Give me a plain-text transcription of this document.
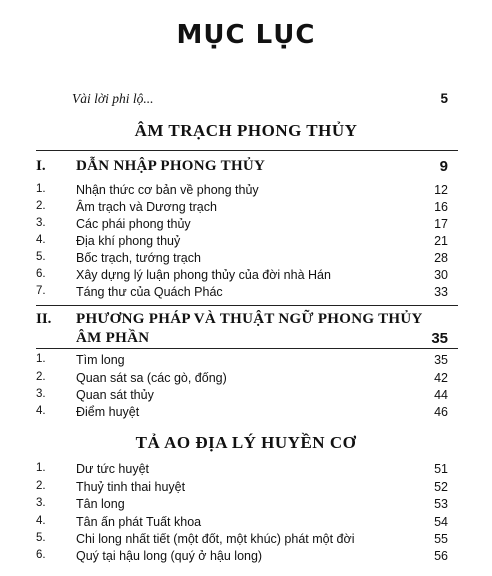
MỤC LỤC
Vài lời phi lộ...	5
ÂM TRẠCH PHONG THỦY
I. DẪN NHẬP PHONG THỦY	9
1. Nhận thức cơ bản về phong thủy	12
2. Âm trạch và Dương trạch	16
3. Các phái phong thủy	17
4. Địa khí phong thuỷ	21
5. Bốc trạch, tướng trạch	28
6. Xây dựng lý luận phong thủy của đời nhà Hán	30
7. Táng thư của Quách Phác	33
II. PHƯƠNG PHÁP VÀ THUẬT NGỮ PHONG THỦY
ÂM PHẦN	35
1. Tìm long	35
2. Quan sát sa (các gò, đống)	42
3. Quan sát thủy	44
4. Điểm huyệt	46
TẢ AO ĐỊA LÝ HUYỀN CƠ
1. Dư tức huyệt	51
2. Thuỷ tinh thai huyệt	52
3. Tân long	53
4. Tân ấn phát Tuất khoa	54
5. Chi long nhất tiết (một đốt, một khúc) phát một đời	55
6. Quý tại hậu long (quý ở hậu long)	56
